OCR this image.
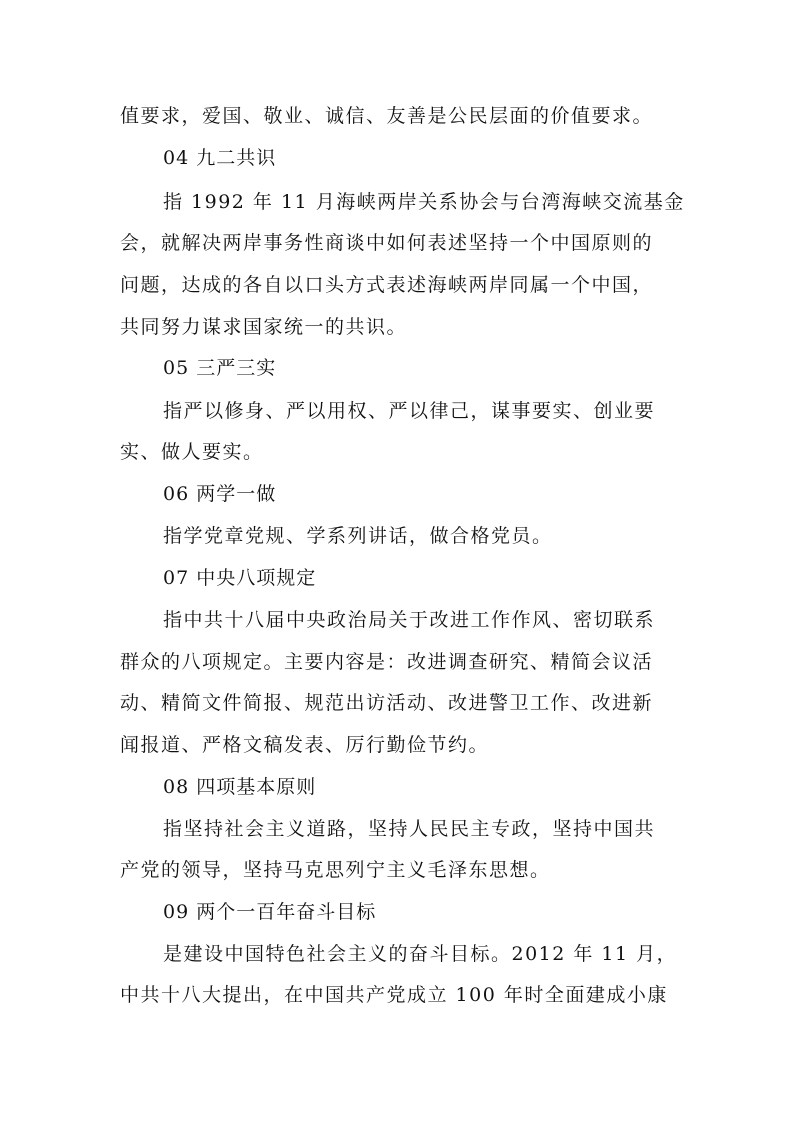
值要求，爱国、敬业、诚信、友善是公民层面的价值要求。
04 九二共识
指 1992 年 11 月海峡两岸关系协会与台湾海峡交流基金
会，就解决两岸事务性商谈中如何表述坚持一个中国原则的
问题，达成的各自以口头方式表述海峡两岸同属一个中国，
共同努力谋求国家统一的共识。
05 三严三实
指严以修身、严以用权、严以律己，谋事要实、创业要
实、做人要实。
06 两学一做
指学党章党规、学系列讲话，做合格党员。
07 中央八项规定
指中共十八届中央政治局关于改进工作作风、密切联系
群众的八项规定。主要内容是：改进调查研究、精简会议活
动、精简文件简报、规范出访活动、改进警卫工作、改进新
闻报道、严格文稿发表、厉行勤俭节约。
08 四项基本原则
指坚持社会主义道路，坚持人民民主专政，坚持中国共
产党的领导，坚持马克思列宁主义毛泽东思想。
09 两个一百年奋斗目标
是建设中国特色社会主义的奋斗目标。2012 年 11 月，
中共十八大提出，在中国共产党成立 100 年时全面建成小康
